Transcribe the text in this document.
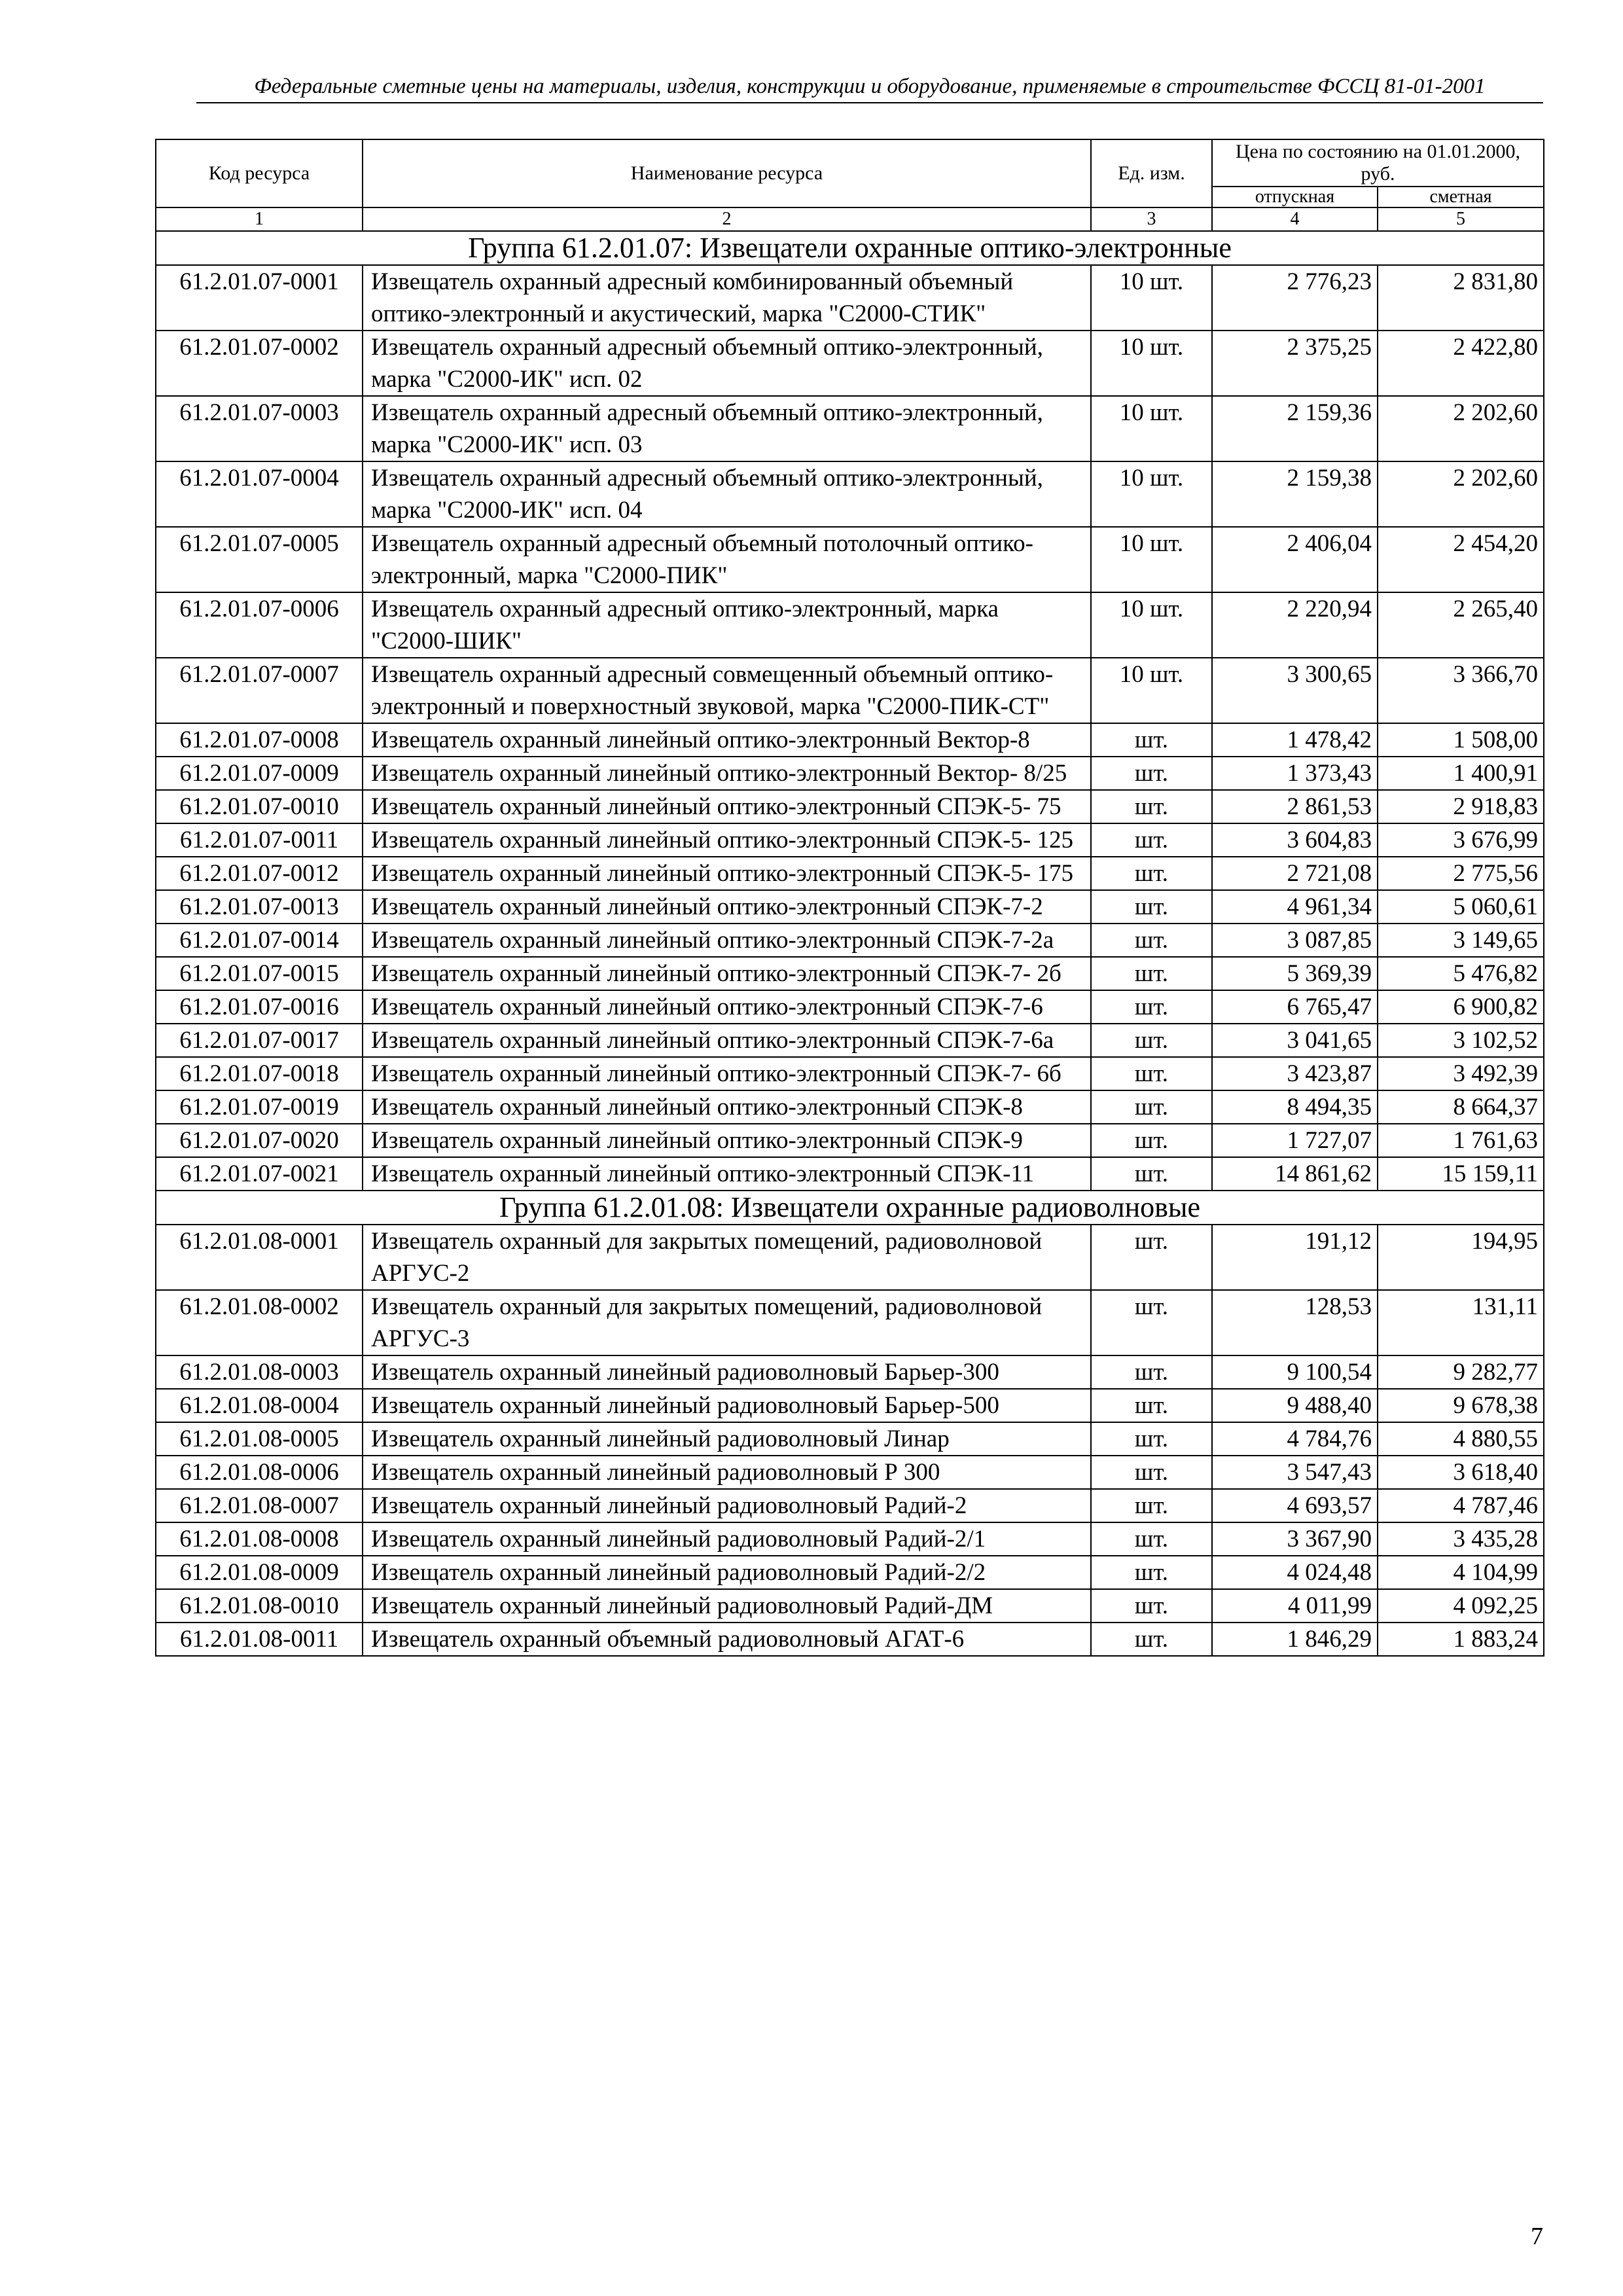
Федеральные сметные цены на материалы, изделия, конструкции и оборудование, применяемые в строительстве ФССЦ 81-01-2001
Код ресурса	Наименование ресурса	Ед. изм.	Цена по состоянию на 01.01.2000, руб.	
			отпускная	сметная
1	2	3	4	5
Группа 61.2.01.07: Извещатели охранные оптико-электронные				
61.2.01.07-0001	Извещатель охранный адресный комбинированный объемный оптико-электронный и акустический, марка "С2000-СТИК"	10 шт.	2 776,23	2 831,80
61.2.01.07-0002	Извещатель охранный адресный объемный оптико-электронный, марка "С2000-ИК" исп. 02	10 шт.	2 375,25	2 422,80
61.2.01.07-0003	Извещатель охранный адресный объемный оптико-электронный, марка "С2000-ИК" исп. 03	10 шт.	2 159,36	2 202,60
61.2.01.07-0004	Извещатель охранный адресный объемный оптико-электронный, марка "С2000-ИК" исп. 04	10 шт.	2 159,38	2 202,60
61.2.01.07-0005	Извещатель охранный адресный объемный потолочный оптико- электронный, марка "С2000-ПИК"	10 шт.	2 406,04	2 454,20
61.2.01.07-0006	Извещатель охранный адресный оптико-электронный, марка "С2000-ШИК"	10 шт.	2 220,94	2 265,40
61.2.01.07-0007	Извещатель охранный адресный совмещенный объемный оптико- электронный и поверхностный звуковой, марка "С2000-ПИК-СТ"	10 шт.	3 300,65	3 366,70
61.2.01.07-0008	Извещатель охранный линейный оптико-электронный Вектор-8	шт.	1 478,42	1 508,00
61.2.01.07-0009	Извещатель охранный линейный оптико-электронный Вектор- 8/25	шт.	1 373,43	1 400,91
61.2.01.07-0010	Извещатель охранный линейный оптико-электронный СПЭК-5- 75	шт.	2 861,53	2 918,83
61.2.01.07-0011	Извещатель охранный линейный оптико-электронный СПЭК-5- 125	шт.	3 604,83	3 676,99
61.2.01.07-0012	Извещатель охранный линейный оптико-электронный СПЭК-5- 175	шт.	2 721,08	2 775,56
61.2.01.07-0013	Извещатель охранный линейный оптико-электронный СПЭК-7-2	шт.	4 961,34	5 060,61
61.2.01.07-0014	Извещатель охранный линейный оптико-электронный СПЭК-7-2а	шт.	3 087,85	3 149,65
61.2.01.07-0015	Извещатель охранный линейный оптико-электронный СПЭК-7- 2б	шт.	5 369,39	5 476,82
61.2.01.07-0016	Извещатель охранный линейный оптико-электронный СПЭК-7-6	шт.	6 765,47	6 900,82
61.2.01.07-0017	Извещатель охранный линейный оптико-электронный СПЭК-7-6а	шт.	3 041,65	3 102,52
61.2.01.07-0018	Извещатель охранный линейный оптико-электронный СПЭК-7- 6б	шт.	3 423,87	3 492,39
61.2.01.07-0019	Извещатель охранный линейный оптико-электронный СПЭК-8	шт.	8 494,35	8 664,37
61.2.01.07-0020	Извещатель охранный линейный оптико-электронный СПЭК-9	шт.	1 727,07	1 761,63
61.2.01.07-0021	Извещатель охранный линейный оптико-электронный СПЭК-11	шт.	14 861,62	15 159,11
Группа 61.2.01.08: Извещатели охранные радиоволновые				
61.2.01.08-0001	Извещатель охранный для закрытых помещений, радиоволновой АРГУС-2	шт.	191,12	194,95
61.2.01.08-0002	Извещатель охранный для закрытых помещений, радиоволновой АРГУС-3	шт.	128,53	131,11
61.2.01.08-0003	Извещатель охранный линейный радиоволновый Барьер-300	шт.	9 100,54	9 282,77
61.2.01.08-0004	Извещатель охранный линейный радиоволновый Барьер-500	шт.	9 488,40	9 678,38
61.2.01.08-0005	Извещатель охранный линейный радиоволновый Линар	шт.	4 784,76	4 880,55
61.2.01.08-0006	Извещатель охранный линейный радиоволновый Р 300	шт.	3 547,43	3 618,40
61.2.01.08-0007	Извещатель охранный линейный радиоволновый Радий-2	шт.	4 693,57	4 787,46
61.2.01.08-0008	Извещатель охранный линейный радиоволновый Радий-2/1	шт.	3 367,90	3 435,28
61.2.01.08-0009	Извещатель охранный линейный радиоволновый Радий-2/2	шт.	4 024,48	4 104,99
61.2.01.08-0010	Извещатель охранный линейный радиоволновый Радий-ДМ	шт.	4 011,99	4 092,25
61.2.01.08-0011	Извещатель охранный объемный радиоволновый АГАТ-6	шт.	1 846,29	1 883,24
7
